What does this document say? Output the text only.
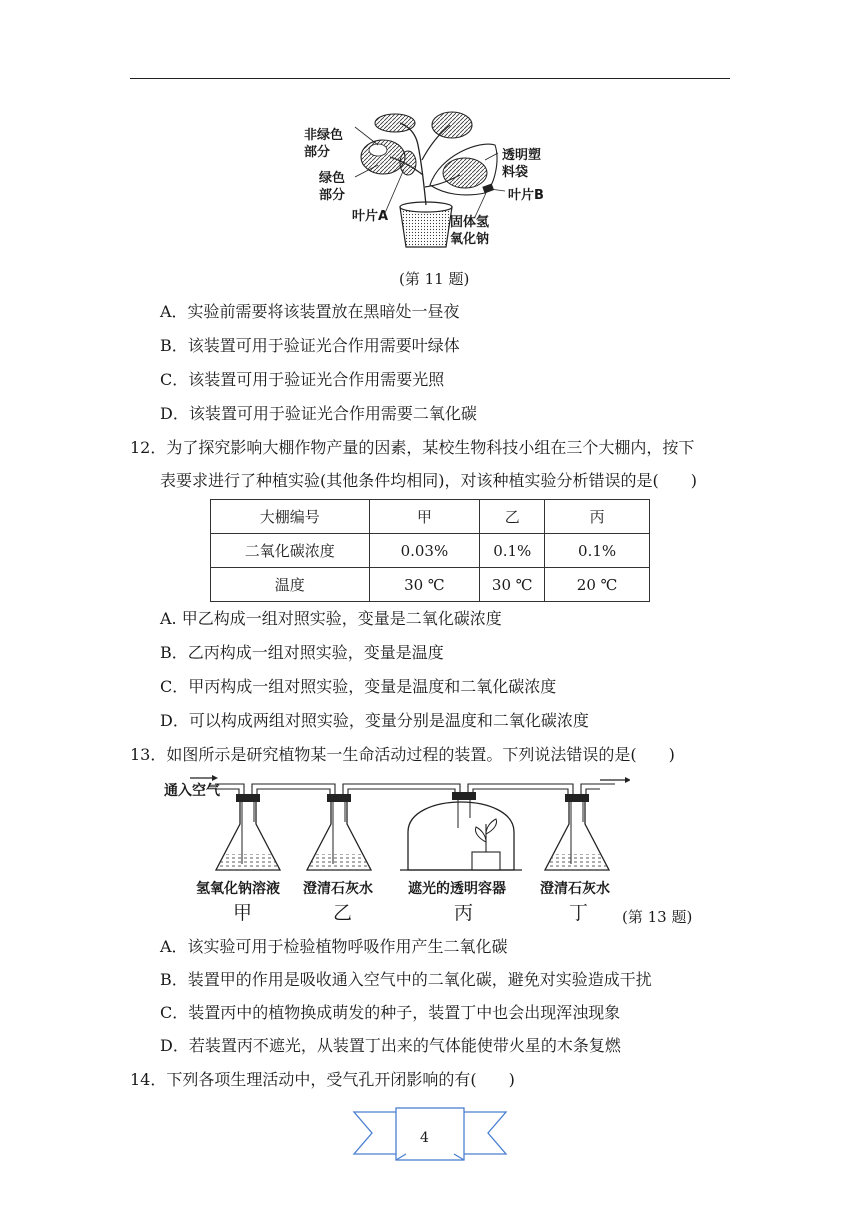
非绿色
部分
绿色
部分
叶片A
透明塑
料袋
叶片B
固体氢
氧化钠
(第 11 题)
A．实验前需要将该装置放在黑暗处一昼夜
B．该装置可用于验证光合作用需要叶绿体
C．该装置可用于验证光合作用需要光照
D．该装置可用于验证光合作用需要二氧化碳
12．为了探究影响大棚作物产量的因素，某校生物科技小组在三个大棚内，按下
表要求进行了种植实验(其他条件均相同)，对该种植实验分析错误的是(　　)
大棚编号	甲	乙	丙
二氧化碳浓度	0.03%	0.1%	0.1%
温度	30 ℃	30 ℃	20 ℃
A. 甲乙构成一组对照实验，变量是二氧化碳浓度
B．乙丙构成一组对照实验，变量是温度
C．甲丙构成一组对照实验，变量是温度和二氧化碳浓度
D．可以构成两组对照实验，变量分别是温度和二氧化碳浓度
13．如图所示是研究植物某一生命活动过程的装置。下列说法错误的是(　　)
通入空气
氢氧化钠溶液 澄清石灰水	遮光的透明容器 澄清石灰水
甲	乙	丙	丁 (第 13 题)
A．该实验可用于检验植物呼吸作用产生二氧化碳
B．装置甲的作用是吸收通入空气中的二氧化碳，避免对实验造成干扰
C．装置丙中的植物换成萌发的种子，装置丁中也会出现浑浊现象
D．若装置丙不遮光，从装置丁出来的气体能使带火星的木条复燃
14．下列各项生理活动中，受气孔开闭影响的有(　　)
4
